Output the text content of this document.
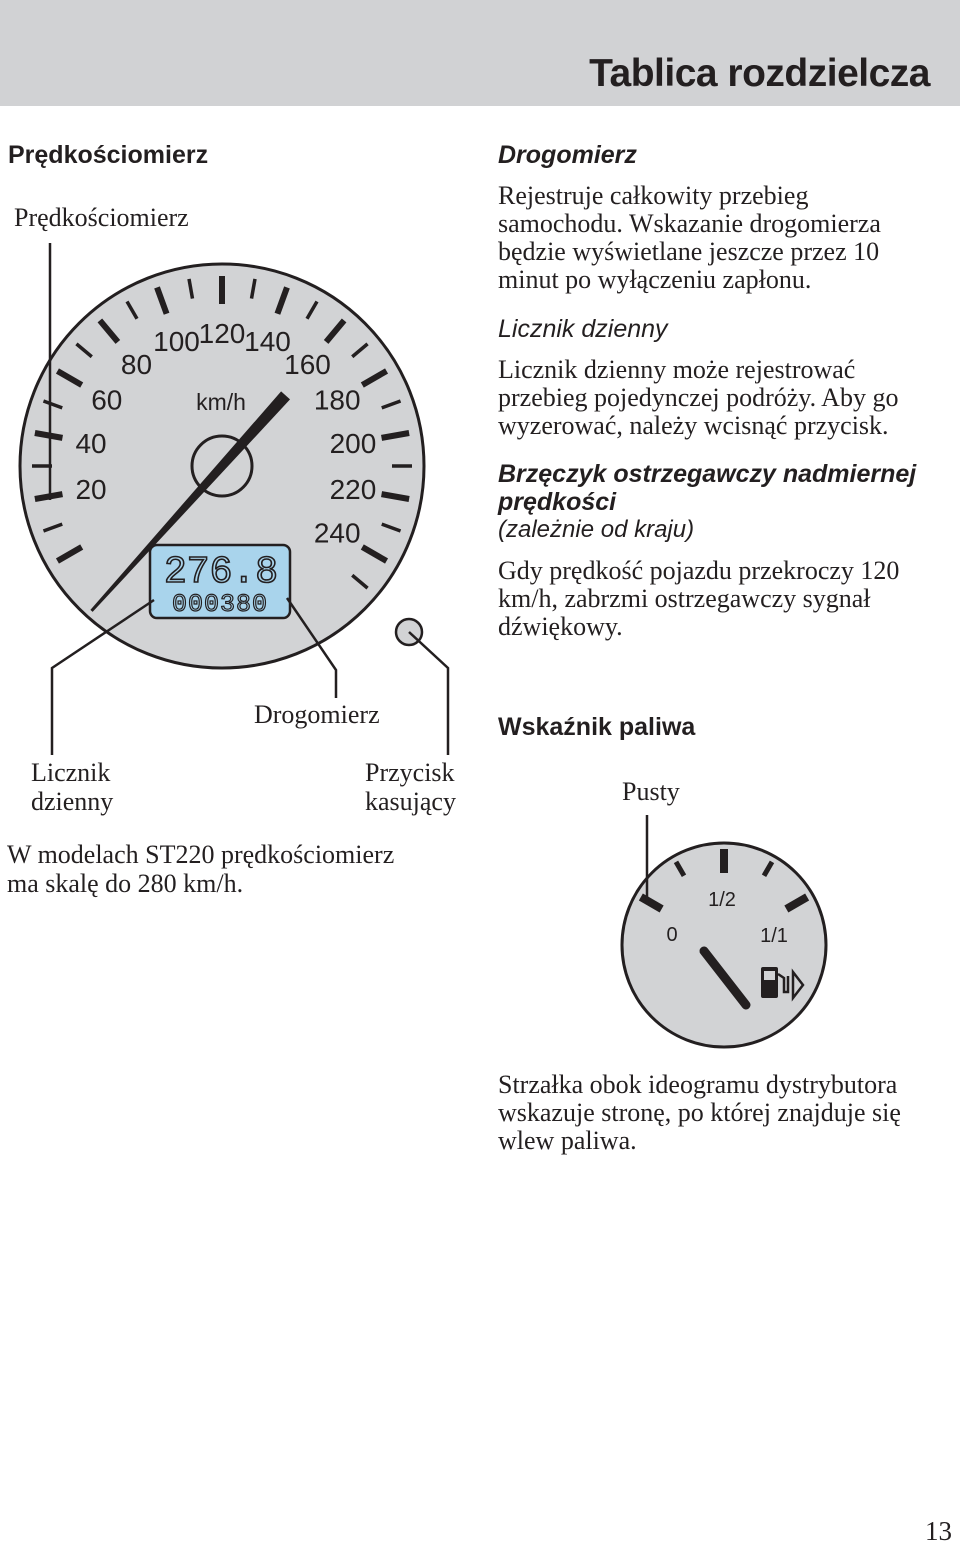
Tablica rozdzielcza
Prędkościomierz

Prędkościomierz

20
40
60
80
100
120
140
160
180
200
220
240
km/h
276.8
000380
0
1/2
1/1

Drogomierz

Licznik

dzienny

Przycisk

kasujący

W modelach ST220 prędkościomierz

ma skalę do 280 km/h.

Drogomierz

Rejestruje całkowity przebieg samochodu. Wskazanie drogomierza będzie wyświetlane jeszcze przez 10 minut po wyłączeniu zapłonu.

Licznik dzienny

Licznik dzienny może rejestrować przebieg pojedynczej podróży. Aby go wyzerować, należy wcisnąć przycisk.

Brzęczyk ostrzegawczy nadmiernej prędkości

(zależnie od kraju)

Gdy prędkość pojazdu przekroczy 120 km/h, zabrzmi ostrzegawczy sygnał dźwiękowy.

Wskaźnik paliwa

Pusty

Strzałka obok ideogramu dystrybutora wskazuje stronę, po której znajduje się wlew paliwa.

13
